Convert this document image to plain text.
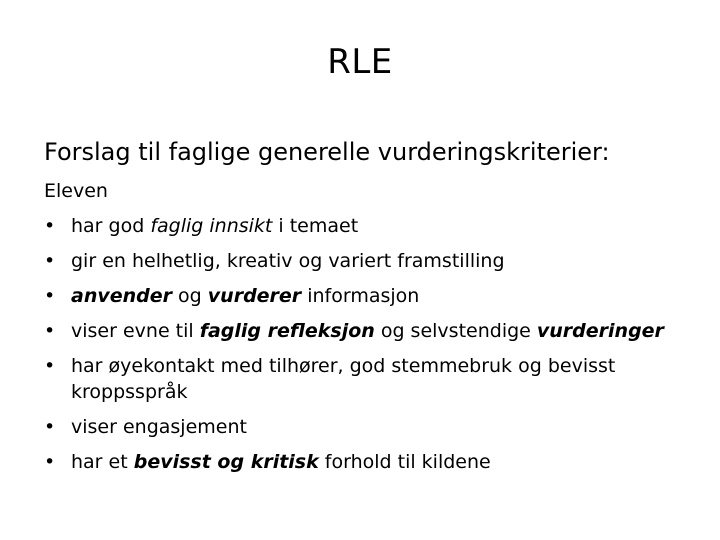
RLE
Forslag til faglige generelle vurderingskriterier:
Eleven
• har god faglig innsikt i temaet
• gir en helhetlig, kreativ og variert framstilling
• anvender og vurderer informasjon
• viser evne til faglig refleksjon og selvstendige vurderinger
• har øyekontakt med tilhører, god stemmebruk og bevisst kroppsspråk
• viser engasjement
• har et bevisst og kritisk forhold til kildene
